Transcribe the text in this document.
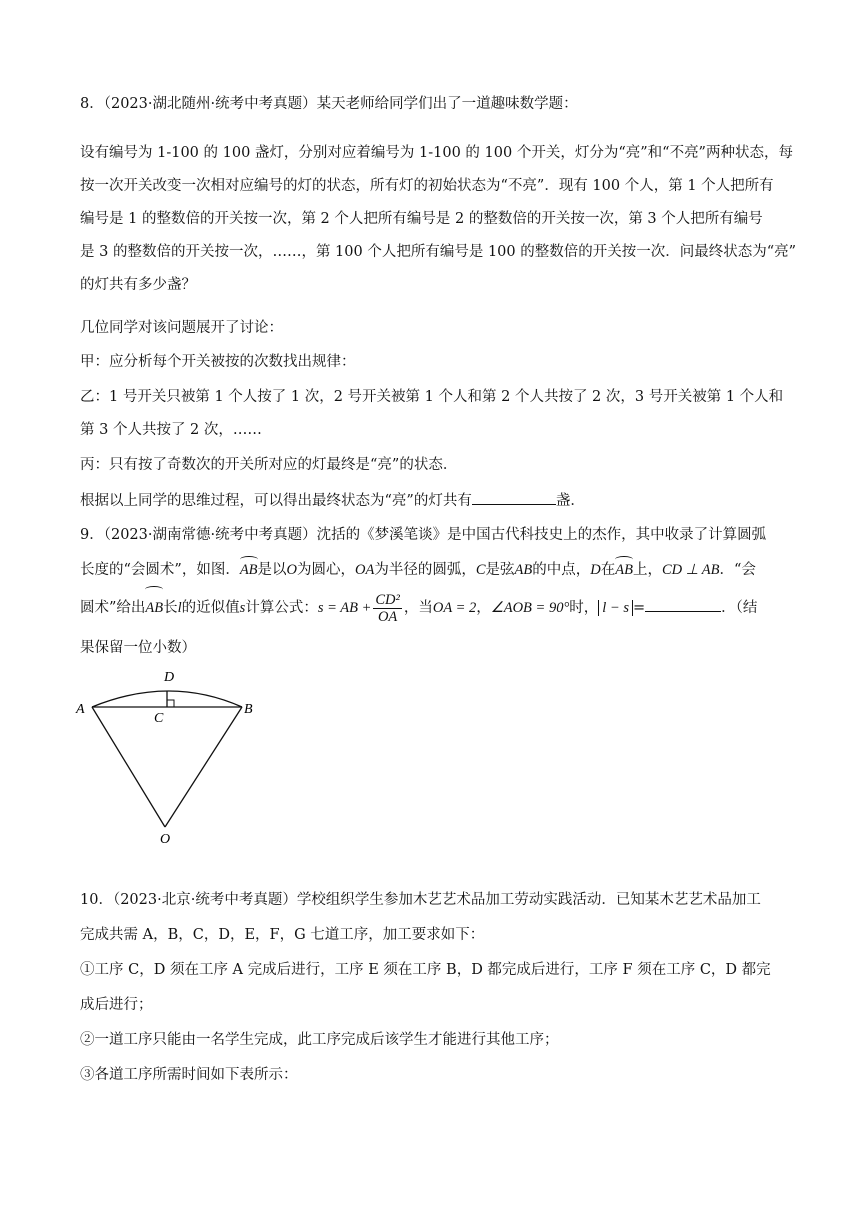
8．（2023·湖北随州·统考中考真题）某天老师给同学们出了一道趣味数学题：
设有编号为 1-100 的 100 盏灯，分别对应着编号为 1-100 的 100 个开关，灯分为“亮”和“不亮”两种状态，每
按一次开关改变一次相对应编号的灯的状态，所有灯的初始状态为“不亮”．现有 100 个人，第 1 个人把所有
编号是 1 的整数倍的开关按一次，第 2 个人把所有编号是 2 的整数倍的开关按一次，第 3 个人把所有编号
是 3 的整数倍的开关按一次，……，第 100 个人把所有编号是 100 的整数倍的开关按一次．问最终状态为“亮”
的灯共有多少盏？
几位同学对该问题展开了讨论：
甲：应分析每个开关被按的次数找出规律：
乙：1 号开关只被第 1 个人按了 1 次，2 号开关被第 1 个人和第 2 个人共按了 2 次，3 号开关被第 1 个人和
第 3 个人共按了 2 次，……
丙：只有按了奇数次的开关所对应的灯最终是“亮”的状态．
根据以上同学的思维过程，可以得出最终状态为“亮”的灯共有	盏．
9．（2023·湖南常德·统考中考真题）沈括的《梦溪笔谈》是中国古代科技史上的杰作，其中收录了计算圆弧
长度的“会圆术”，如图．AB是以O为圆心，OA为半径的圆弧，C是弦AB的中点，D在AB上，CD ⊥ AB．“会
圆术”给出AB长l的近似值s计算公式：s = AB + $\frac{\text{CD²}}{OA}$ ，当OA = 2，∠AOB = 90°时， l − s =	．（结
果保留一位小数）
A	B
C
D
O
10．（2023·北京·统考中考真题）学校组织学生参加木艺艺术品加工劳动实践活动．已知某木艺艺术品加工
完成共需 A，B，C，D，E，F，G 七道工序，加工要求如下：
①工序 C，D 须在工序 A 完成后进行，工序 E 须在工序 B，D 都完成后进行，工序 F 须在工序 C，D 都完
成后进行；
②一道工序只能由一名学生完成，此工序完成后该学生才能进行其他工序；
③各道工序所需时间如下表所示：
